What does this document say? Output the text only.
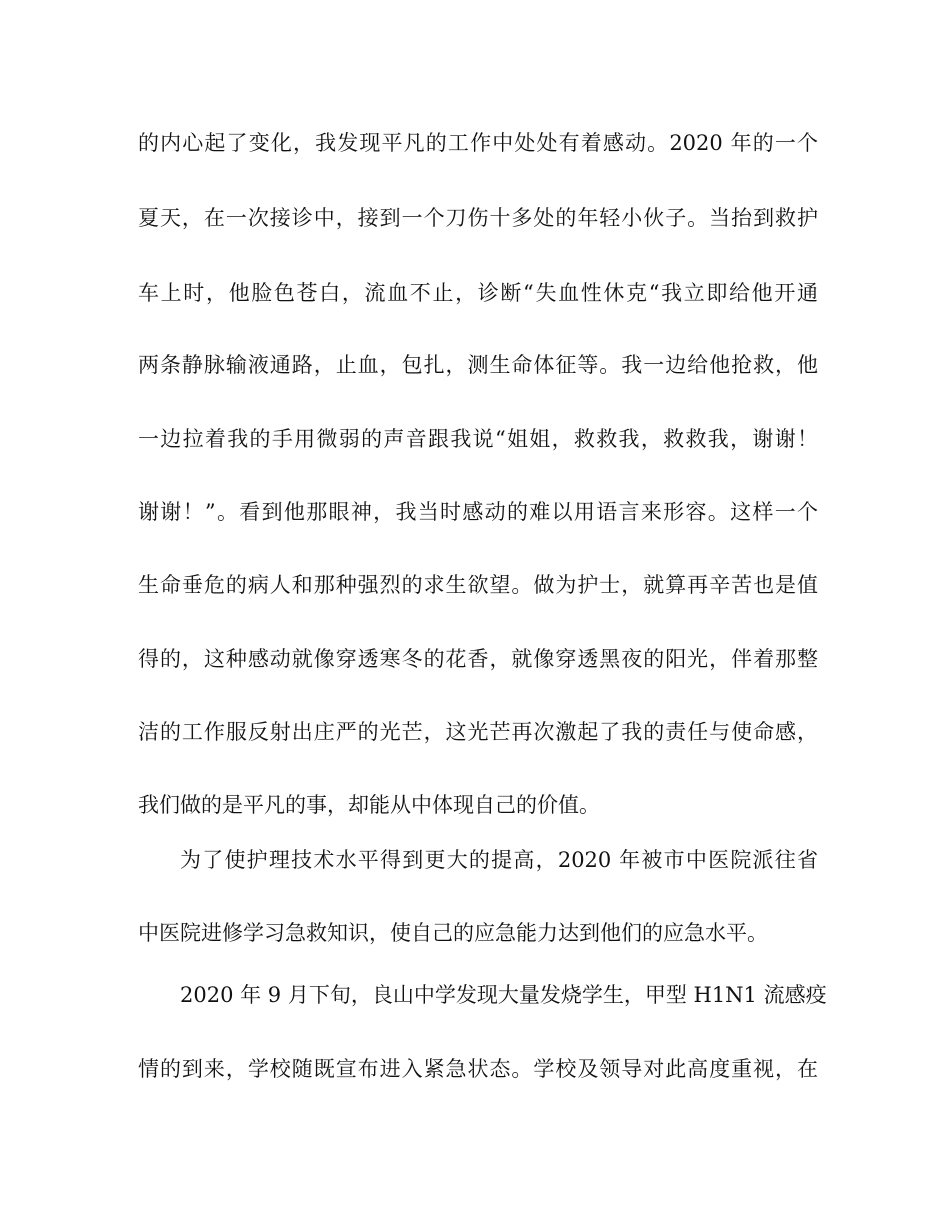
的内心起了变化，我发现平凡的工作中处处有着感动。2020 年的一个

夏天，在一次接诊中，接到一个刀伤十多处的年轻小伙子。当抬到救护

车上时，他脸色苍白，流血不止，诊断“失血性休克“我立即给他开通

两条静脉输液通路，止血，包扎，测生命体征等。我一边给他抢救，他

一边拉着我的手用微弱的声音跟我说“姐姐，救救我，救救我，谢谢！

谢谢！”。看到他那眼神，我当时感动的难以用语言来形容。这样一个

生命垂危的病人和那种强烈的求生欲望。做为护士，就算再辛苦也是值

得的，这种感动就像穿透寒冬的花香，就像穿透黑夜的阳光，伴着那整

洁的工作服反射出庄严的光芒，这光芒再次激起了我的责任与使命感，

我们做的是平凡的事，却能从中体现自己的价值。

为了使护理技术水平得到更大的提高，2020 年被市中医院派往省

中医院进修学习急救知识，使自己的应急能力达到他们的应急水平。

2020 年 9 月下旬，良山中学发现大量发烧学生，甲型 H1N1 流感疫

情的到来，学校随既宣布进入紧急状态。学校及领导对此高度重视，在
